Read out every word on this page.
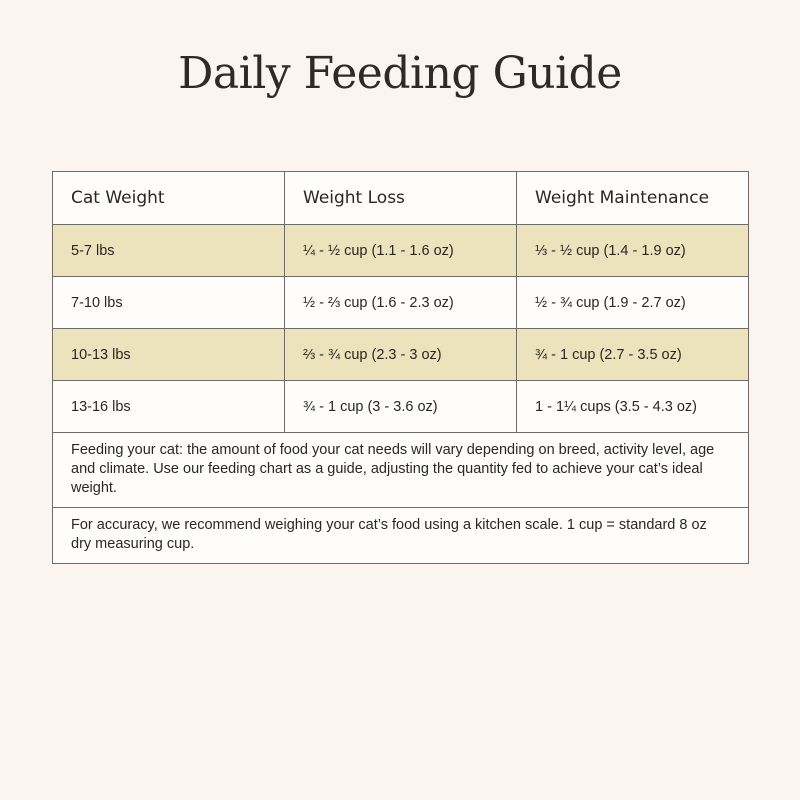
Daily Feeding Guide
Cat Weight	Weight Loss	Weight Maintenance
5-7 lbs	¼ - ½ cup (1.1 - 1.6 oz)	⅓ - ½ cup (1.4 - 1.9 oz)
7-10 lbs	½ - ⅔ cup (1.6 - 2.3 oz)	½ - ¾ cup (1.9 - 2.7 oz)
10-13 lbs	⅔ - ¾ cup (2.3 - 3 oz)	¾ - 1 cup (2.7 - 3.5 oz)
13-16 lbs	¾ - 1 cup (3 - 3.6 oz)	1 - 1¼ cups (3.5 - 4.3 oz)
Feeding your cat: the amount of food your cat needs will vary depending on breed, activity level, age and climate. Use our feeding chart as a guide, adjusting the quantity fed to achieve your cat’s ideal weight.		
For accuracy, we recommend weighing your cat’s food using a kitchen scale. 1 cup = standard 8 oz dry measuring cup.		
